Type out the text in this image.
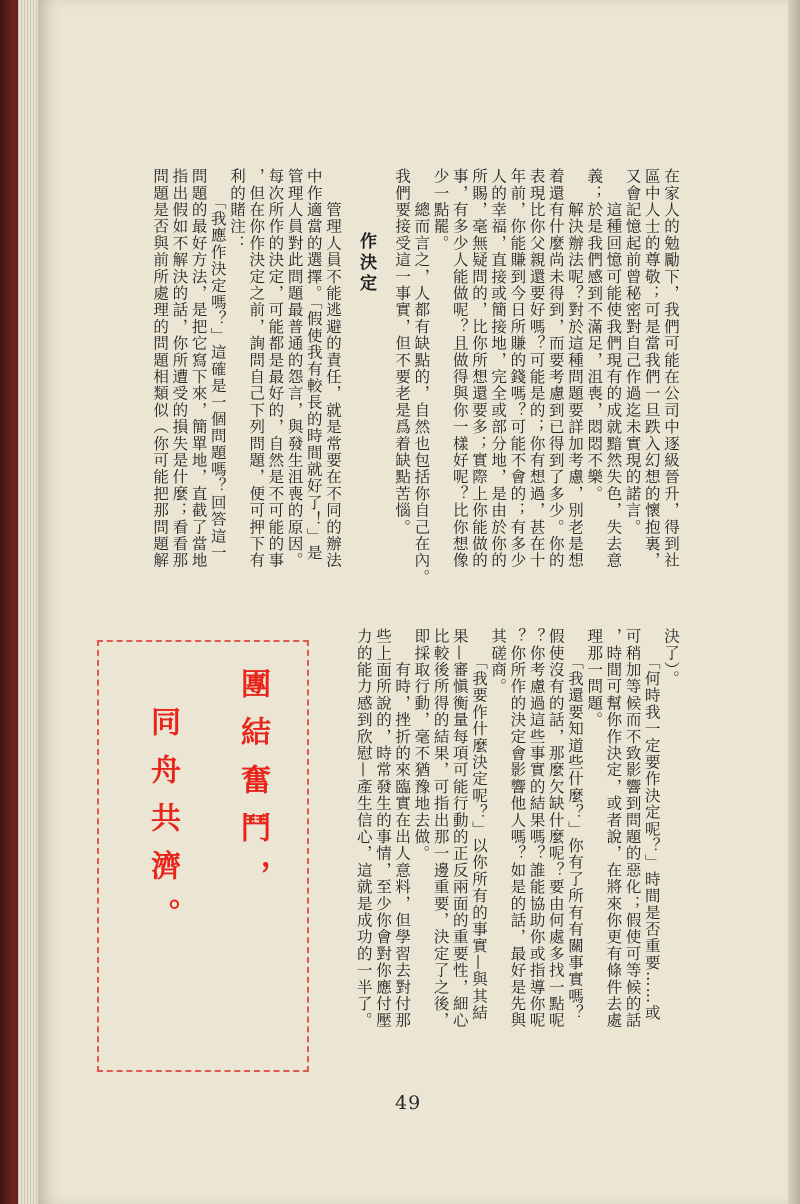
在家人的勉勵下，我們可能在公司中逐級晉升，得到社
區中人士的尊敬；可是當我們一旦跌入幻想的懷抱裏，
又會記憶起前曾秘密對自己作過迄未實現的諾言。
　　這種回憶可能使我們現有的成就黯然失色，失去意
義；於是我們感到不滿足，沮喪，悶悶不樂。
　　解決辦法呢？對於這種問題要詳加考慮，別老是想
着還有什麼尚未得到，而要考慮到已得到了多少。你的
表現比你父親還要好嗎？可能是的；你有想過，甚在十
年前，你能賺到今日所賺的錢嗎？可能不會的；有多少
人的幸福，直接或簡接地，完全或部分地，是由於你的
所賜，毫無疑問的，比你所想還要多；實際上你能做的
事，有多少人能做呢？且做得與你一樣好呢？比你想像
少一點罷。
　　總而言之，人都有缺點的，自然也包括你自己在內。
我們要接受這一事實，但不要老是爲着缺點苦惱。
作決定
　　管理人員不能逃避的責任，就是常要在不同的辦法
中作適當的選擇。「假使我有較長的時間就好了！」是
管理人員對此問題最普通的怨言，與發生沮喪的原因。
每次所作的決定，可能都是最好的，自然是不可能的事
，但在你作決定之前，詢問自己下列問題，便可押下有
利的賭注：
　　「我應作決定嗎？」這確是一個問題嗎？回答這一
問題的最好方法，是把它寫下來，簡單地，直截了當地
指出假如不解決的話，你所遭受的損失是什麼；看看那
問題是否與前所處理的問題相類似（你可能把那問題解
決了）。
　　「何時我一定要作決定呢？」時間是否重要……或
可稍加等候而不致影響到問題的惡化；假使可等候的話
，時間可幫你作決定，或者說，在將來你更有條件去處
理那一問題。
　　「我還要知道些什麼？」你有了所有有關事實嗎？
假使沒有的話，那麼欠缺什麼呢？要由何處多找一點呢
？你考慮過這些事實的結果嗎？誰能協助你或指導你呢
？你所作的決定會影響他人嗎？如是的話，最好是先與
其磋商。
　　「我要作什麼決定呢？」以你所有的事實—與其結
果—審愼衡量每項可能行動的正反兩面的重要性，細心
比較後所得的結果，可指出那一邊重要，決定了之後，
即採取行動，毫不猶豫地去做。
　　有時，挫折的來臨實在出人意料，但學習去對付那
些上面所說的，時常發生的事情，至少你會對你應付壓
力的能力感到欣慰—產生信心，這就是成功的一半了。
團結奮鬥，
同舟共濟。
49
